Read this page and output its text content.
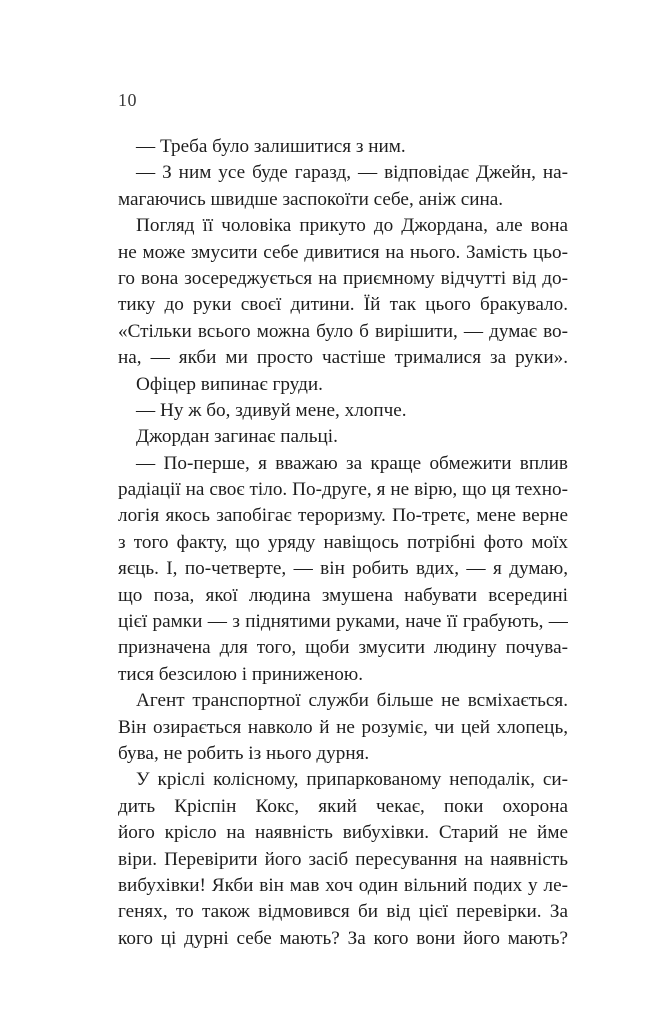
10
— Треба було залишитися з ним.
— З ним усе буде гаразд, — відповідає Джейн, на-
магаючись швидше заспокоїти себе, аніж сина.
Погляд її чоловіка прикуто до Джордана, але вона
не може змусити себе дивитися на нього. Замість цьо-
го вона зосереджується на приємному відчутті від до-
тику до руки своєї дитини. Їй так цього бракувало.
«Стільки всього можна було б вирішити, — думає во-
на, — якби ми просто частіше трималися за руки».
Офіцер випинає груди.
— Ну ж бо, здивуй мене, хлопче.
Джордан загинає пальці.
— По-перше, я вважаю за краще обмежити вплив
радіації на своє тіло. По-друге, я не вірю, що ця техно-
логія якось запобігає тероризму. По-третє, мене верне
з того факту, що уряду навіщось потрібні фото моїх
яєць. І, по-четверте, — він робить вдих, — я думаю,
що поза, якої людина змушена набувати всередині
цієї рамки — з піднятими руками, наче її грабують, —
призначена для того, щоби змусити людину почува-
тися безсилою і приниженою.
Агент транспортної служби більше не всміхається.
Він озирається навколо й не розуміє, чи цей хлопець,
бува, не робить із нього дурня.
У кріслі колісному, припаркованому неподалік, си-
дить Кріспін Кокс, який чекає, поки охорона
його крісло на наявність вибухівки. Старий не йме
віри. Перевірити його засіб пересування на наявність
вибухівки! Якби він мав хоч один вільний подих у ле-
генях, то також відмовився би від цієї перевірки. За
кого ці дурні себе мають? За кого вони його мають?
